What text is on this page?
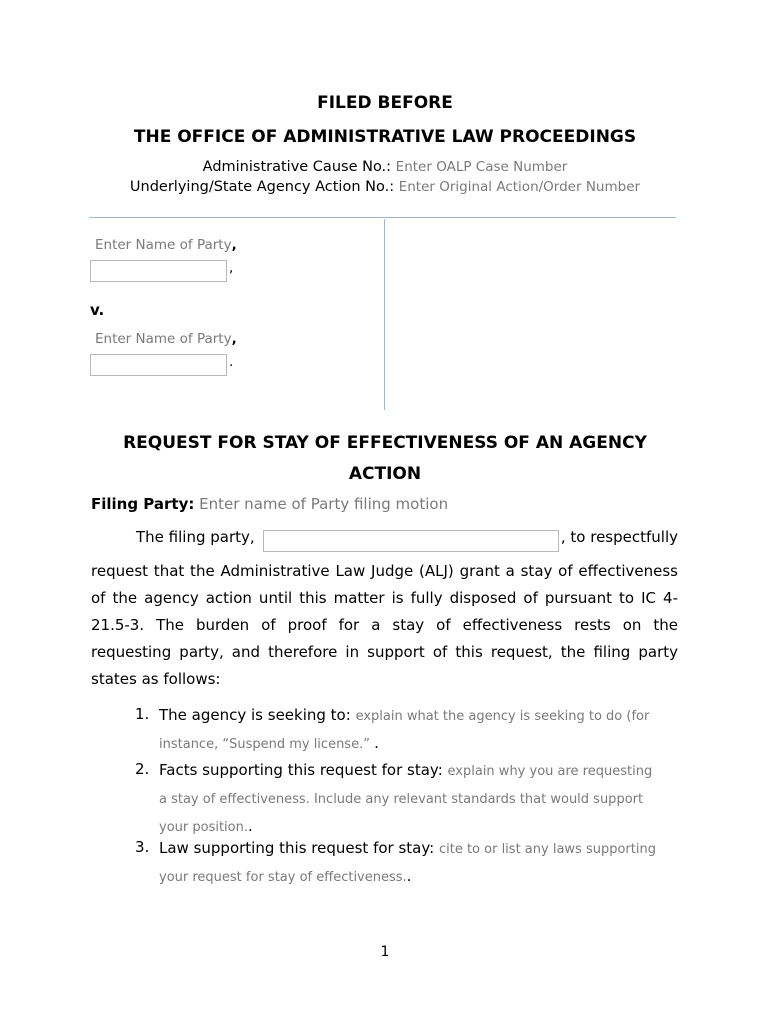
FILED BEFORE
THE OFFICE OF ADMINISTRATIVE LAW PROCEEDINGS
Administrative Cause No.: Enter OALP Case Number
Underlying/State Agency Action No.: Enter Original Action/Order Number
Enter Name of Party,
,
v.
Enter Name of Party,
.
REQUEST FOR STAY OF EFFECTIVENESS OF AN AGENCY
ACTION
Filing Party: Enter name of Party filing motion
The filing party,	, to respectfully
request that the Administrative Law Judge (ALJ) grant a stay of effectiveness
of the agency action until this matter is fully disposed of pursuant to IC 4-
21.5-3. The burden of proof for a stay of effectiveness rests on the
requesting party, and therefore in support of this request, the filing party
states as follows:
1. The agency is seeking to: explain what the agency is seeking to do (for
instance, “Suspend my license.” .
2. Facts supporting this request for stay: explain why you are requesting
a stay of effectiveness. Include any relevant standards that would support
your position..
3. Law supporting this request for stay: cite to or list any laws supporting
your request for stay of effectiveness..
1
